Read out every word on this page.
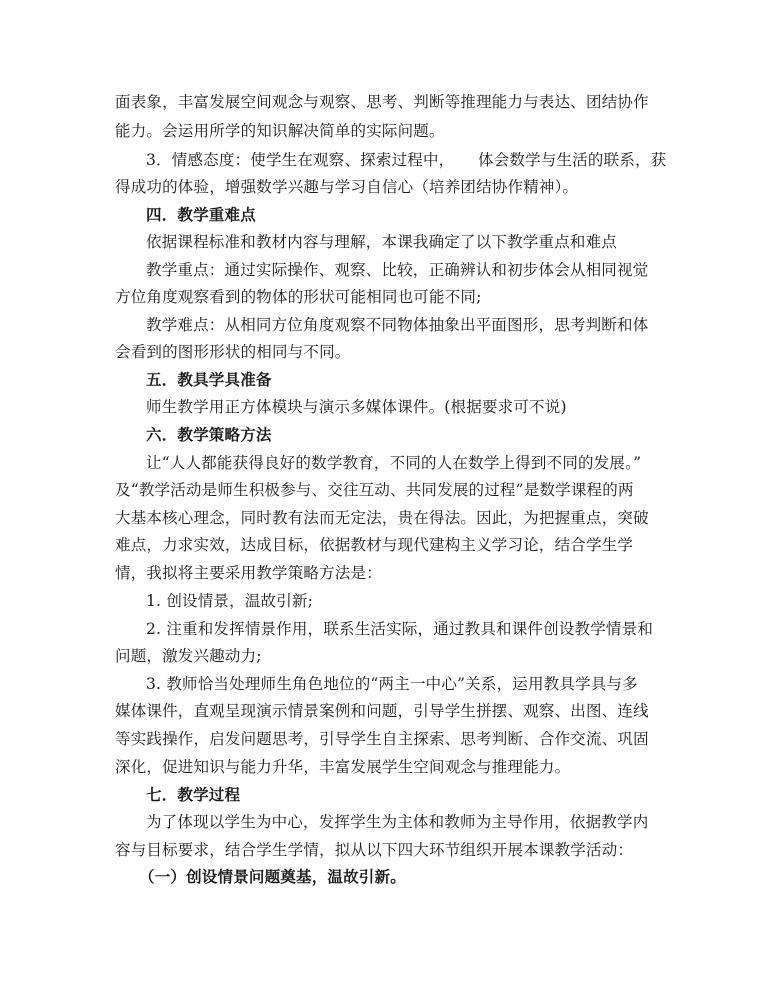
面表象，丰富发展空间观念与观察、思考、判断等推理能力与表达、团结协作
能力。会运用所学的知识解决简单的实际问题。
3．情感态度：使学生在观察、探索过程中，　　体会数学与生活的联系，获
得成功的体验，增强数学兴趣与学习自信心（培养团结协作精神）。
四．教学重难点
依据课程标准和教材内容与理解，本课我确定了以下教学重点和难点
教学重点：通过实际操作、观察、比较，正确辨认和初步体会从相同视觉
方位角度观察看到的物体的形状可能相同也可能不同;
教学难点：从相同方位角度观察不同物体抽象出平面图形，思考判断和体
会看到的图形形状的相同与不同。
五．教具学具准备
师生教学用正方体模块与演示多媒体课件。(根据要求可不说)
六．教学策略方法
让“人人都能获得良好的数学教育，不同的人在数学上得到不同的发展。”
及“教学活动是师生积极参与、交往互动、共同发展的过程”是数学课程的两
大基本核心理念，同时教有法而无定法，贵在得法。因此，为把握重点，突破
难点，力求实效，达成目标，依据教材与现代建构主义学习论，结合学生学
情，我拟将主要采用教学策略方法是：
1. 创设情景，温故引新;
2. 注重和发挥情景作用，联系生活实际，通过教具和课件创设教学情景和
问题，激发兴趣动力;
3. 教师恰当处理师生角色地位的“两主一中心”关系，运用教具学具与多
媒体课件，直观呈现演示情景案例和问题，引导学生拼摆、观察、出图、连线
等实践操作，启发问题思考，引导学生自主探索、思考判断、合作交流、巩固
深化，促进知识与能力升华，丰富发展学生空间观念与推理能力。
七．教学过程
为了体现以学生为中心，发挥学生为主体和教师为主导作用，依据教学内
容与目标要求，结合学生学情，拟从以下四大环节组织开展本课教学活动：
（一）创设情景问题奠基，温故引新。
